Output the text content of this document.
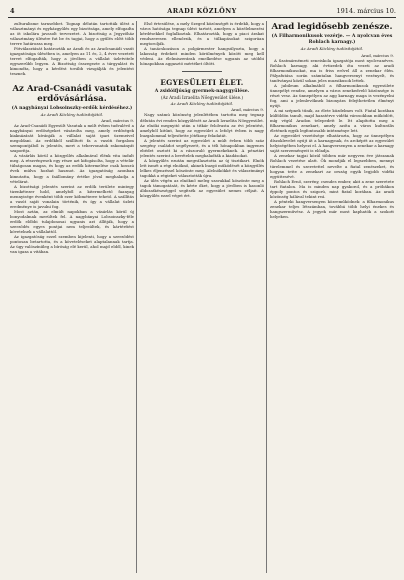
4	ARADI KÖZLÖNY	1914. március 10.

zulturalisme tarnsebbet. Tognap délután tartották ülést a választmányi és egyházgyűlés egy bizottsága, amely elfogadta az öt iskolára javasolt tervezetet. A bizottság a Jegyzőház választmány ülésére fut be és tagjai, hogy a gyűlés előtt több tervre határozza meg.

Pótválasztását határozták az Aradi és az Aradcsanádi vasút igazgatósága ülésében is, amelyen az 11 és, 2, 4 évre vezetett tervet elfogadták, hogy a jövőben a vállalat üzletvitele egyszerűbb legyen. A Bizottság összegezte a tárgyalást és kimondta, hogy a kérdést tovább vizsgálják és jelentést tesznek.

Az Arad-Csanádi vasutak erdővásárlása.
(A nagybányai Lobsoinszky-erdők kérdéséhez.)
Az Aradi Közlöny tudósítójától.
Arad, március 9.

Az Arad-Csanádi Egyesült Vasutak a múlt évben tudvalévő a nagybányai erdőségeket vásárolta meg, amely erdőségek kiaknázását kívánják a vállalat saját ipari üzemeivel megoldani. Az erdőkből szállított fa a vasúti forgalom szempontjából is jelentős, mert a tehervonatok rakományát szaporítja.

A vásárlás körül a közgyűlés alkalmával élénk vita indult meg. A részvényesek egy része azt kifogásolta, hogy a vételár túlságosan magas, és hogy az erdők kitermelése csak hosszú évek múlva hozhat hasznot. Az igazgatóság azonban kimutatta, hogy a faállomány értéke jóval meghaladja a vételárat.

A bizottsági jelentés szerint az erdők területe mintegy tizenkétezer hold, amelyből a kitermelhető faanyag mennyisége évenként több ezer köbméterre tehető. A szállítás a vasút saját vonalain történik, és így a vállalat üzleti eredménye is javulni fog.

Most aztán, az elmúlt napokban a vásárlás körül új bonyodalmak merültek fel. A nagybányai Lobsoinszky-féle erdők előbbi tulajdonosai ugyanis azt állítják, hogy a szerződés egyes pontjai nem teljesültek, és kártérítést követelnek a vállalattól.

Az igazgatóság ezzel szemben kijelenti, hogy a szerződést pontosan betartotta, és a követeléseket alaptalannak tartja. Az ügy valószínűleg a bíróság elé kerül, ahol majd eldől, kinek van igaza a vitában.

Első értesülése, a mely Szeged közönségét is érdekli, hogy a város hatósága tegnap ülést tartott, amelyen a közélelmezési kérdésekkel foglalkoztak. Elhatározták, hogy a piaci árakat rendszeresen ellenőrzik, és a túlkapásokat szigorúan megtorolják.

A tanácskozáson a polgármester hangsúlyozta, hogy a lakosság érdekeit minden körülmények között meg kell védeni. Az élelmiszerárak emelkedése ugyanis az utóbbi hónapokban aggasztó mértéket öltött.

EGYESÜLETI ÉLET.
A zsidóifjúság gyermek-nagygyűlése.
(Az Aradi Izraelita Nőegyesület ülése.)
Az Aradi Közlöny tudósítójától.
Arad, március 9.

Nagy számú közönség jelenlétében tartotta meg tegnap délután évi rendes közgyűlését az Aradi Izraelita Nőegyesület. Az elnöki megnyitó után a titkár felolvasta az évi jelentést, amelyből kitűnt, hogy az egyesület a lefolyt évben is nagy buzgalommal teljesítette jótékony feladatát.

A jelentés szerint az egyesület a múlt évben több száz szegény családot segélyezett, és a téli hónapokban ingyenes ebédet osztott ki a rászoruló gyermekeknek. A pénztári jelentés szerint a bevételek meghaladták a kiadásokat.

A közgyűlés ezután megválasztotta az új tisztikart. Elnök lett ismét a régi elnöknő, akinek buzgó működését a közgyűlés lelkes éljenzéssel köszönte meg. Alelnökökké és választmányi tagokká a régieket választották újra.

Az ülés végén az elnöknő meleg szavakkal köszönte meg a tagok támogatását, és kérte őket, hogy a jövőben is hasonló áldozatkészséggel segítsék az egyesület nemes céljait. A közgyűlés ezzel véget ért.

Arad legidősebb zenésze.
(A Filharmonikusok vezérje. — A nyolcvan éves Rohlach karnagy.)
Az Aradi Közlöny tudósítójától.
Arad, március 9.

A Szatmárnémeti zeneiskola igazgatója most nyolcvanéves. Rohlach karnagy, aki évtizedek óta vezeti az aradi filharmonikusokat, ma is friss erővel áll a zenekar élén. Pályafutása során számtalan hangversenyt vezényelt, és tanítványai közül sokan jeles muzsikusok lettek.

A jubileum alkalmából a filharmonikusok egyesülete ünnepélyt rendez, amelyen a város zenekedvelő közönsége is részt vesz. Az ünnepélyen az agg karnagy maga is vezényelni fog, ami a jelenlevőknek bizonyára felejthetetlen élményt nyújt.

A mi szépnek tűnik, az élete küzdelmes volt. Fiatal korában külföldön tanult, majd hazatérve vidéki városokban működött, míg végül Aradon telepedett le. Itt alapította meg a filharmonikus zenekart, amely azóta a város kulturális életének egyik legfontosabb intézménye lett.

Az egyesület vezetősége elhatározta, hogy az ünnepélyen díszoklevelet nyújt át a karnagynak, és arcképét az egyesület helyiségében helyezi el. A hangversenyen a zenekar a karnagy saját szerzeményeit is előadja.

A zenekar tagjai közül többen már negyven éve játszanak Rohlach vezetése alatt. Ők mondják el legszebben, mennyi türelemmel és szeretettel nevelte a fiatal zenészeket, és hogyan tette a zenekart az ország egyik legjobb vidéki együttesévé.

Rohlach Ernő, szerény, csendes ember, akit a zene szeretete tart fiatalon. Ma is minden nap gyakorol, és a próbákon éppoly pontos és szigorú, mint fiatal korában. Az aradi közönség hálával tekint reá.

A pénteki hangversenyen közreműködnek: a filharmonikus zenekar teljes létszámban, továbbá több helyi énekes és hangszerművész. A jegyek már most kaphatók a szokott helyeken.
